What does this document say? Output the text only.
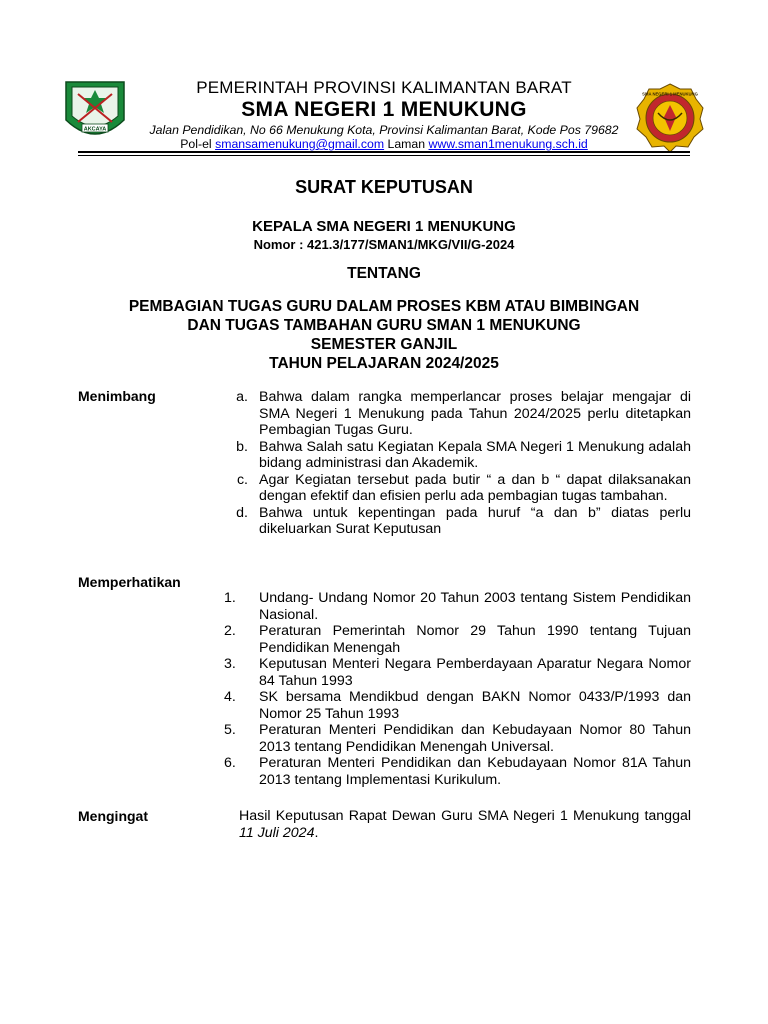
AKCAYA
SMA NEGERI 1 MENUKUNG
PEMERINTAH PROVINSI KALIMANTAN BARAT
SMA NEGERI 1 MENUKUNG
Jalan Pendidikan, No 66 Menukung Kota, Provinsi Kalimantan Barat, Kode Pos 79682
Pol-el smansamenukung@gmail.com Laman www.sman1menukung.sch.id
SURAT KEPUTUSAN
KEPALA SMA NEGERI 1 MENUKUNG
Nomor : 421.3/177/SMAN1/MKG/VII/G-2024
TENTANG
PEMBAGIAN TUGAS GURU DALAM PROSES KBM ATAU BIMBINGAN
DAN TUGAS TAMBAHAN GURU SMAN 1 MENUKUNG
SEMESTER GANJIL
TAHUN PELAJARAN 2024/2025
Menimbang	a. Bahwa dalam rangka memperlancar proses belajar mengajar di SMA Negeri 1 Menukung pada Tahun 2024/2025 perlu ditetapkan Pembagian Tugas Guru.
b. Bahwa Salah satu Kegiatan Kepala SMA Negeri 1 Menukung adalah bidang administrasi dan Akademik.
c. Agar Kegiatan tersebut pada butir “ a dan b “ dapat dilaksanakan dengan efektif dan efisien perlu ada pembagian tugas tambahan.
d. Bahwa untuk kepentingan pada huruf “a dan b” diatas perlu dikeluarkan Surat Keputusan
Memperhatikan
1.	Undang- Undang Nomor 20 Tahun 2003 tentang Sistem Pendidikan Nasional.
2.	Peraturan Pemerintah Nomor 29 Tahun 1990 tentang Tujuan Pendidikan Menengah
3.	Keputusan Menteri Negara Pemberdayaan Aparatur Negara Nomor 84 Tahun 1993
4.	SK bersama Mendikbud dengan BAKN Nomor 0433/P/1993 dan Nomor 25 Tahun 1993
5.	Peraturan Menteri Pendidikan dan Kebudayaan Nomor 80 Tahun 2013 tentang Pendidikan Menengah Universal.
6.	Peraturan Menteri Pendidikan dan Kebudayaan Nomor 81A Tahun 2013 tentang Implementasi Kurikulum.
Mengingat	Hasil Keputusan Rapat Dewan Guru SMA Negeri 1 Menukung tanggal 11 Juli 2024.
